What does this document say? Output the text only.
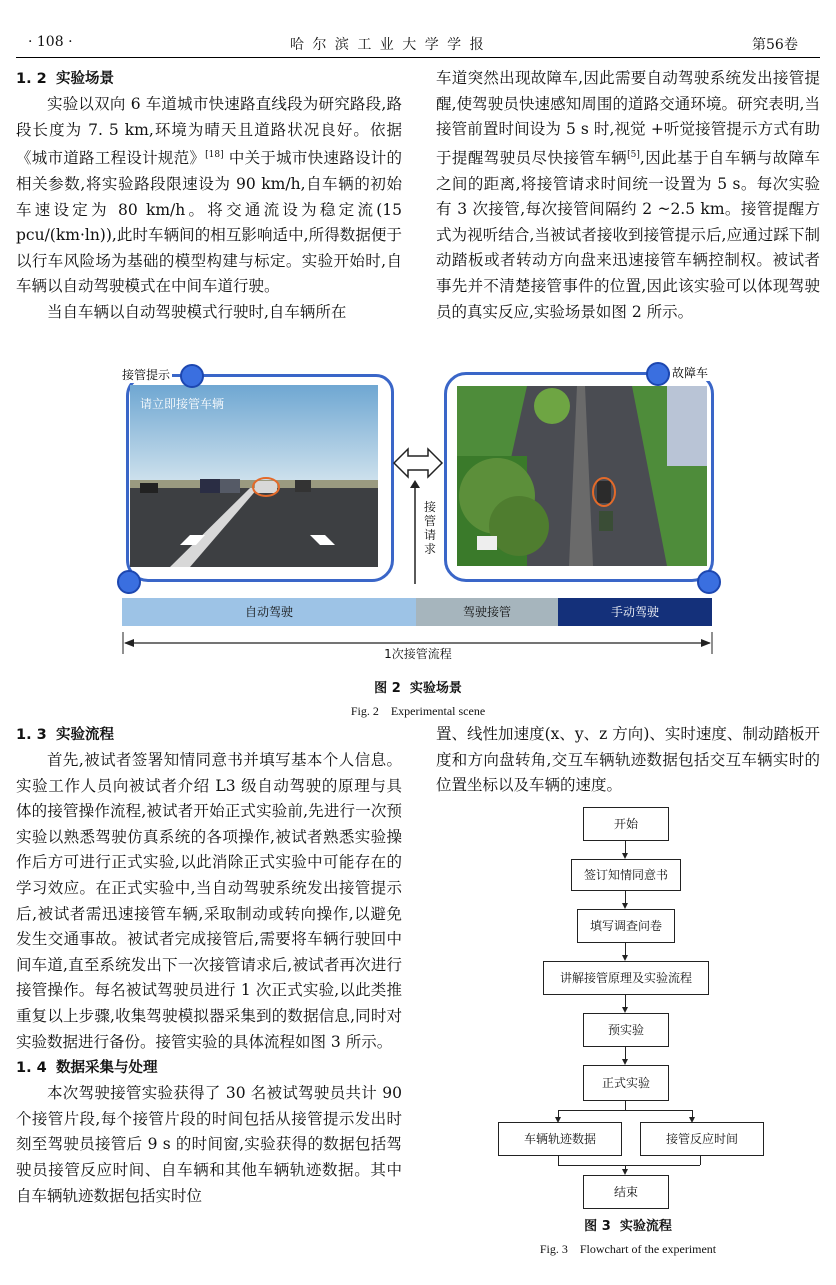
· 108 ·	哈 尔 滨 工 业 大 学 学 报	第56卷
1. 2 实验场景

实验以双向 6 车道城市快速路直线段为研究路段,路段长度为 7. 5 km,环境为晴天且道路状况良好。依据《城市道路工程设计规范》[18] 中关于城市快速路设计的相关参数,将实验路段限速设为 90 km/h,自车辆的初始车速设定为 80 km/h。将交通流设为稳定流(15 pcu/(km·ln)),此时车辆间的相互影响适中,所得数据便于以行车风险场为基础的模型构建与标定。实验开始时,自车辆以自动驾驶模式在中间车道行驶。

当自车辆以自动驾驶模式行驶时,自车辆所在

车道突然出现故障车,因此需要自动驾驶系统发出接管提醒,使驾驶员快速感知周围的道路交通环境。研究表明,当接管前置时间设为 5 s 时,视觉 +听觉接管提示方式有助于提醒驾驶员尽快接管车辆[5],因此基于自车辆与故障车之间的距离,将接管请求时间统一设置为 5 s。每次实验有 3 次接管,每次接管间隔约 2 ~2.5 km。接管提醒方式为视听结合,当被试者接收到接管提示后,应通过踩下制动踏板或者转动方向盘来迅速接管车辆控制权。被试者事先并不清楚接管事件的位置,因此该实验可以体现驾驶员的真实反应,实验场景如图 2 所示。

请立即接管车辆
接管请求
接管提示	故障车
自动驾驶	驾驶接管	手动驾驶
1次接管流程
图 2 实验场景
Fig. 2　Experimental scene
1. 3 实验流程

首先,被试者签署知情同意书并填写基本个人信息。实验工作人员向被试者介绍 L3 级自动驾驶的原理与具体的接管操作流程,被试者开始正式实验前,先进行一次预实验以熟悉驾驶仿真系统的各项操作,被试者熟悉实验操作后方可进行正式实验,以此消除正式实验中可能存在的学习效应。在正式实验中,当自动驾驶系统发出接管提示后,被试者需迅速接管车辆,采取制动或转向操作,以避免发生交通事故。被试者完成接管后,需要将车辆行驶回中间车道,直至系统发出下一次接管请求后,被试者再次进行接管操作。每名被试驾驶员进行 1 次正式实验,以此类推重复以上步骤,收集驾驶模拟器采集到的数据信息,同时对实验数据进行备份。接管实验的具体流程如图 3 所示。

1. 4 数据采集与处理

本次驾驶接管实验获得了 30 名被试驾驶员共计 90 个接管片段,每个接管片段的时间包括从接管提示发出时刻至驾驶员接管后 9 s 的时间窗,实验获得的数据包括驾驶员接管反应时间、自车辆和其他车辆轨迹数据。其中自车辆轨迹数据包括实时位

置、线性加速度(x、y、z 方向)、实时速度、制动踏板开度和方向盘转角,交互车辆轨迹数据包括交互车辆实时的位置坐标以及车辆的速度。

开始
签订知情同意书
填写调查问卷
讲解接管原理及实验流程
预实验
正式实验
车辆轨迹数据	接管反应时间
结束
图 3 实验流程
Fig. 3　Flowchart of the experiment
